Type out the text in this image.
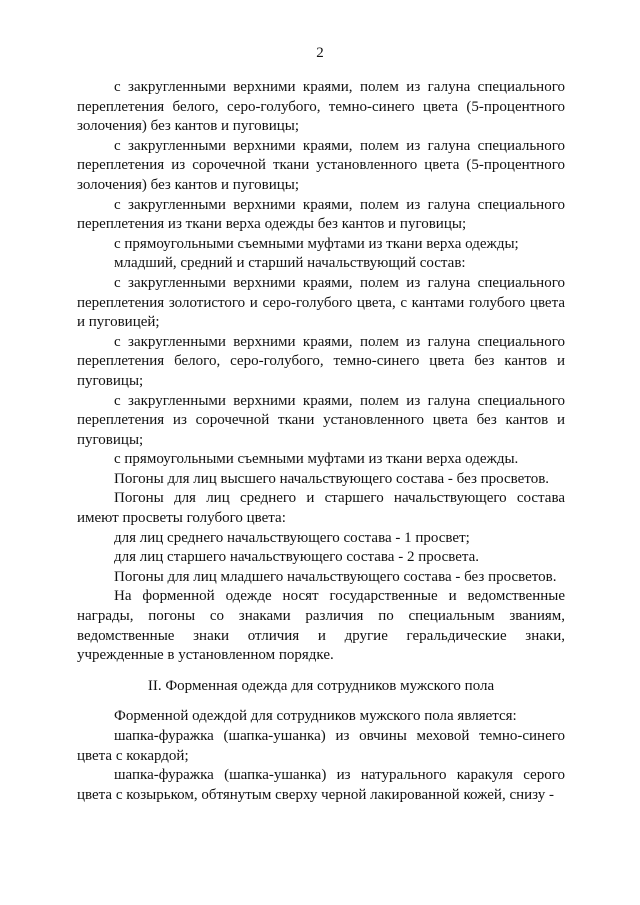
2

с закругленными верхними краями, полем из галуна специального переплетения белого, серо-голубого, темно-синего цвета (5-процентного золочения) без кантов и пуговицы;

с закругленными верхними краями, полем из галуна специального переплетения из сорочечной ткани установленного цвета (5-процентного золочения) без кантов и пуговицы;

с закругленными верхними краями, полем из галуна специального переплетения из ткани верха одежды без кантов и пуговицы;

с прямоугольными съемными муфтами из ткани верха одежды;

младший, средний и старший начальствующий состав:

с закругленными верхними краями, полем из галуна специального переплетения золотистого и серо-голубого цвета, с кантами голубого цвета и пуговицей;

с закругленными верхними краями, полем из галуна специального переплетения белого, серо-голубого, темно-синего цвета без кантов и пуговицы;

с закругленными верхними краями, полем из галуна специального переплетения из сорочечной ткани установленного цвета без кантов и пуговицы;

с прямоугольными съемными муфтами из ткани верха одежды.

Погоны для лиц высшего начальствующего состава - без просветов.

Погоны для лиц среднего и старшего начальствующего состава имеют просветы голубого цвета:

для лиц среднего начальствующего состава - 1 просвет;

для лиц старшего начальствующего состава - 2 просвета.

Погоны для лиц младшего начальствующего состава - без просветов.

На форменной одежде носят государственные и ведомственные награды, погоны со знаками различия по специальным званиям, ведомственные знаки отличия и другие геральдические знаки, учрежденные в установленном порядке.

II. Форменная одежда для сотрудников мужского пола

Форменной одеждой для сотрудников мужского пола является:

шапка-фуражка (шапка-ушанка) из овчины меховой темно-синего цвета с кокардой;

шапка-фуражка (шапка-ушанка) из натурального каракуля серого цвета с козырьком, обтянутым сверху черной лакированной кожей, снизу -
